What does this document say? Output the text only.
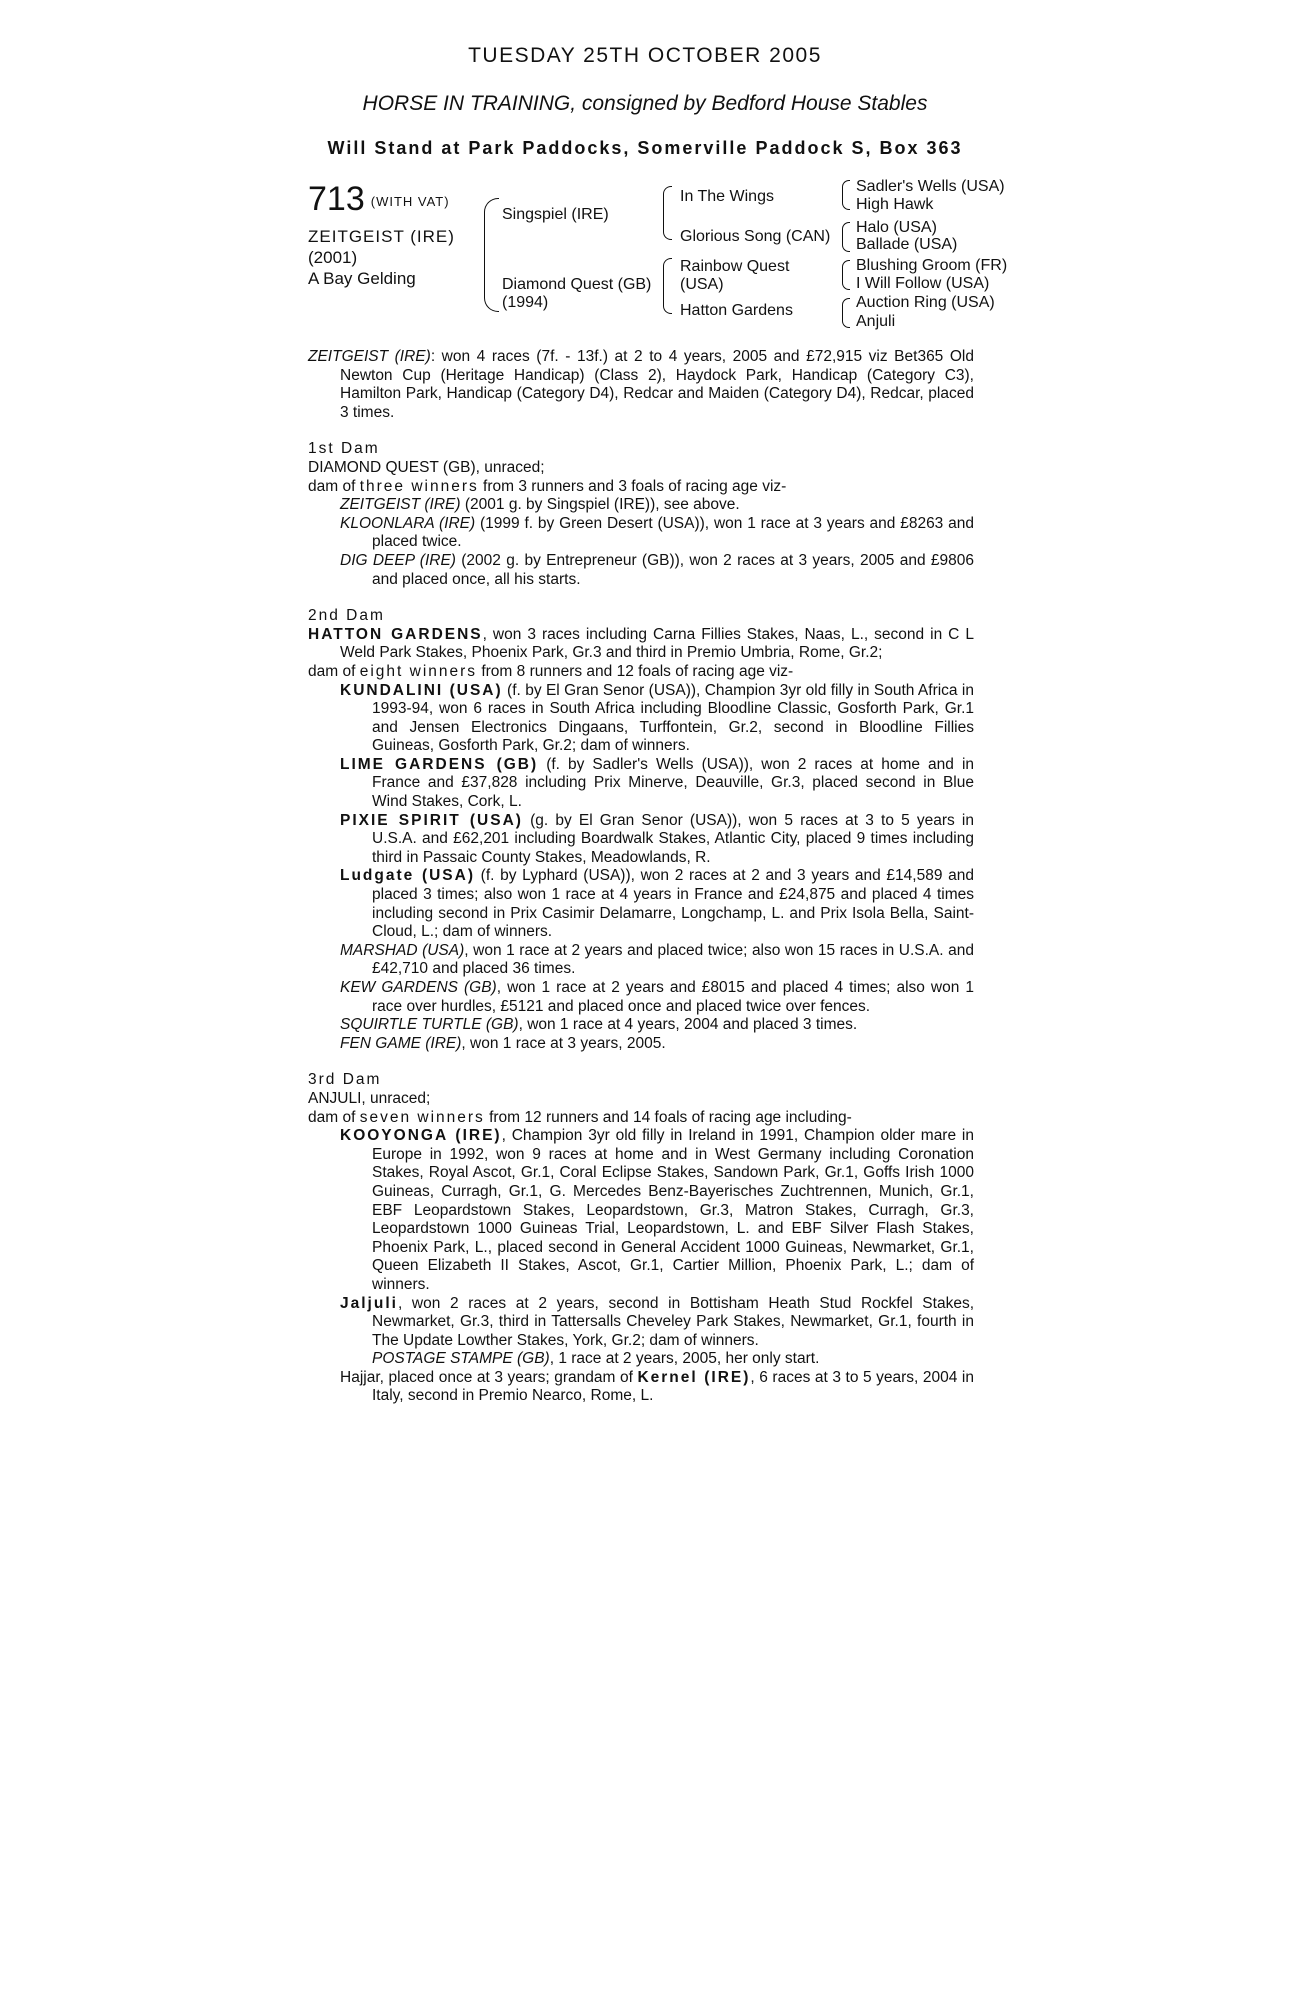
TUESDAY 25TH OCTOBER 2005
HORSE IN TRAINING, consigned by Bedford House Stables
Will Stand at Park Paddocks, Somerville Paddock S, Box 363
713 (WITH VAT)
ZEITGEIST (IRE)
(2001)
A Bay Gelding
Singspiel (IRE)
Diamond Quest (GB)
(1994)
In The Wings
Glorious Song (CAN)
Rainbow Quest
(USA)
Hatton Gardens
Sadler's Wells (USA)
High Hawk
Halo (USA)
Ballade (USA)
Blushing Groom (FR)
I Will Follow (USA)
Auction Ring (USA)
Anjuli

ZEITGEIST (IRE): won 4 races (7f. - 13f.) at 2 to 4 years, 2005 and £72,915 viz Bet365 Old Newton Cup (Heritage Handicap) (Class 2), Haydock Park, Handicap (Category C3), Hamilton Park, Handicap (Category D4), Redcar and Maiden (Category D4), Redcar, placed 3 times.

1st Dam

DIAMOND QUEST (GB), unraced;

dam of three winners from 3 runners and 3 foals of racing age viz-

ZEITGEIST (IRE) (2001 g. by Singspiel (IRE)), see above.

KLOONLARA (IRE) (1999 f. by Green Desert (USA)), won 1 race at 3 years and £8263 and placed twice.

DIG DEEP (IRE) (2002 g. by Entrepreneur (GB)), won 2 races at 3 years, 2005 and £9806 and placed once, all his starts.

2nd Dam

HATTON GARDENS, won 3 races including Carna Fillies Stakes, Naas, L., second in C L Weld Park Stakes, Phoenix Park, Gr.3 and third in Premio Umbria, Rome, Gr.2;

dam of eight winners from 8 runners and 12 foals of racing age viz-

KUNDALINI (USA) (f. by El Gran Senor (USA)), Champion 3yr old filly in South Africa in 1993-94, won 6 races in South Africa including Bloodline Classic, Gosforth Park, Gr.1 and Jensen Electronics Dingaans, Turffontein, Gr.2, second in Bloodline Fillies Guineas, Gosforth Park, Gr.2; dam of winners.

LIME GARDENS (GB) (f. by Sadler's Wells (USA)), won 2 races at home and in France and £37,828 including Prix Minerve, Deauville, Gr.3, placed second in Blue Wind Stakes, Cork, L.

PIXIE SPIRIT (USA) (g. by El Gran Senor (USA)), won 5 races at 3 to 5 years in U.S.A. and £62,201 including Boardwalk Stakes, Atlantic City, placed 9 times including third in Passaic County Stakes, Meadowlands, R.

Ludgate (USA) (f. by Lyphard (USA)), won 2 races at 2 and 3 years and £14,589 and placed 3 times; also won 1 race at 4 years in France and £24,875 and placed 4 times including second in Prix Casimir Delamarre, Longchamp, L. and Prix Isola Bella, Saint-Cloud, L.; dam of winners.

MARSHAD (USA), won 1 race at 2 years and placed twice; also won 15 races in U.S.A. and £42,710 and placed 36 times.

KEW GARDENS (GB), won 1 race at 2 years and £8015 and placed 4 times; also won 1 race over hurdles, £5121 and placed once and placed twice over fences.

SQUIRTLE TURTLE (GB), won 1 race at 4 years, 2004 and placed 3 times.

FEN GAME (IRE), won 1 race at 3 years, 2005.

3rd Dam

ANJULI, unraced;

dam of seven winners from 12 runners and 14 foals of racing age including-

KOOYONGA (IRE), Champion 3yr old filly in Ireland in 1991, Champion older mare in Europe in 1992, won 9 races at home and in West Germany including Coronation Stakes, Royal Ascot, Gr.1, Coral Eclipse Stakes, Sandown Park, Gr.1, Goffs Irish 1000 Guineas, Curragh, Gr.1, G. Mercedes Benz-Bayerisches Zuchtrennen, Munich, Gr.1, EBF Leopardstown Stakes, Leopardstown, Gr.3, Matron Stakes, Curragh, Gr.3, Leopardstown 1000 Guineas Trial, Leopardstown, L. and EBF Silver Flash Stakes, Phoenix Park, L., placed second in General Accident 1000 Guineas, Newmarket, Gr.1, Queen Elizabeth II Stakes, Ascot, Gr.1, Cartier Million, Phoenix Park, L.; dam of winners.

Jaljuli, won 2 races at 2 years, second in Bottisham Heath Stud Rockfel Stakes, Newmarket, Gr.3, third in Tattersalls Cheveley Park Stakes, Newmarket, Gr.1, fourth in The Update Lowther Stakes, York, Gr.2; dam of winners.

POSTAGE STAMPE (GB), 1 race at 2 years, 2005, her only start.

Hajjar, placed once at 3 years; grandam of Kernel (IRE), 6 races at 3 to 5 years, 2004 in Italy, second in Premio Nearco, Rome, L.
